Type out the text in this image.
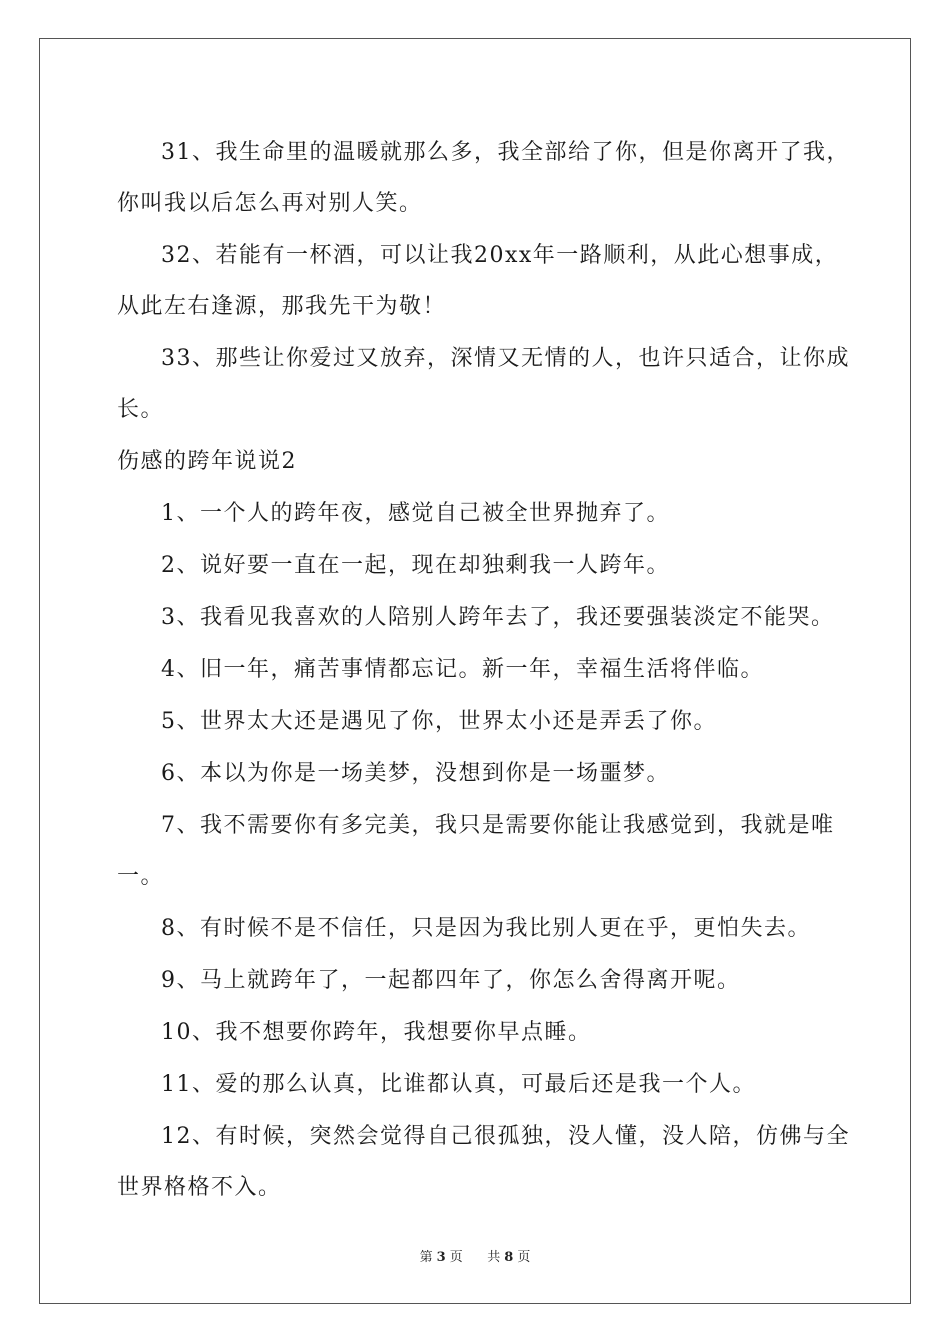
31、我生命里的温暖就那么多，我全部给了你，但是你离开了我，你叫我以后怎么再对别人笑。

32、若能有一杯酒，可以让我20xx年一路顺利，从此心想事成，从此左右逢源，那我先干为敬！

33、那些让你爱过又放弃，深情又无情的人，也许只适合，让你成长。

伤感的跨年说说2

1、一个人的跨年夜，感觉自己被全世界抛弃了。

2、说好要一直在一起，现在却独剩我一人跨年。

3、我看见我喜欢的人陪别人跨年去了，我还要强装淡定不能哭。

4、旧一年，痛苦事情都忘记。新一年，幸福生活将伴临。

5、世界太大还是遇见了你，世界太小还是弄丢了你。

6、本以为你是一场美梦，没想到你是一场噩梦。

7、我不需要你有多完美，我只是需要你能让我感觉到，我就是唯一。

8、有时候不是不信任，只是因为我比别人更在乎，更怕失去。

9、马上就跨年了，一起都四年了，你怎么舍得离开呢。

10、我不想要你跨年，我想要你早点睡。

11、爱的那么认真，比谁都认真，可最后还是我一个人。

12、有时候，突然会觉得自己很孤独，没人懂，没人陪，仿佛与全世界格格不入。

第 3 页 共 8 页
